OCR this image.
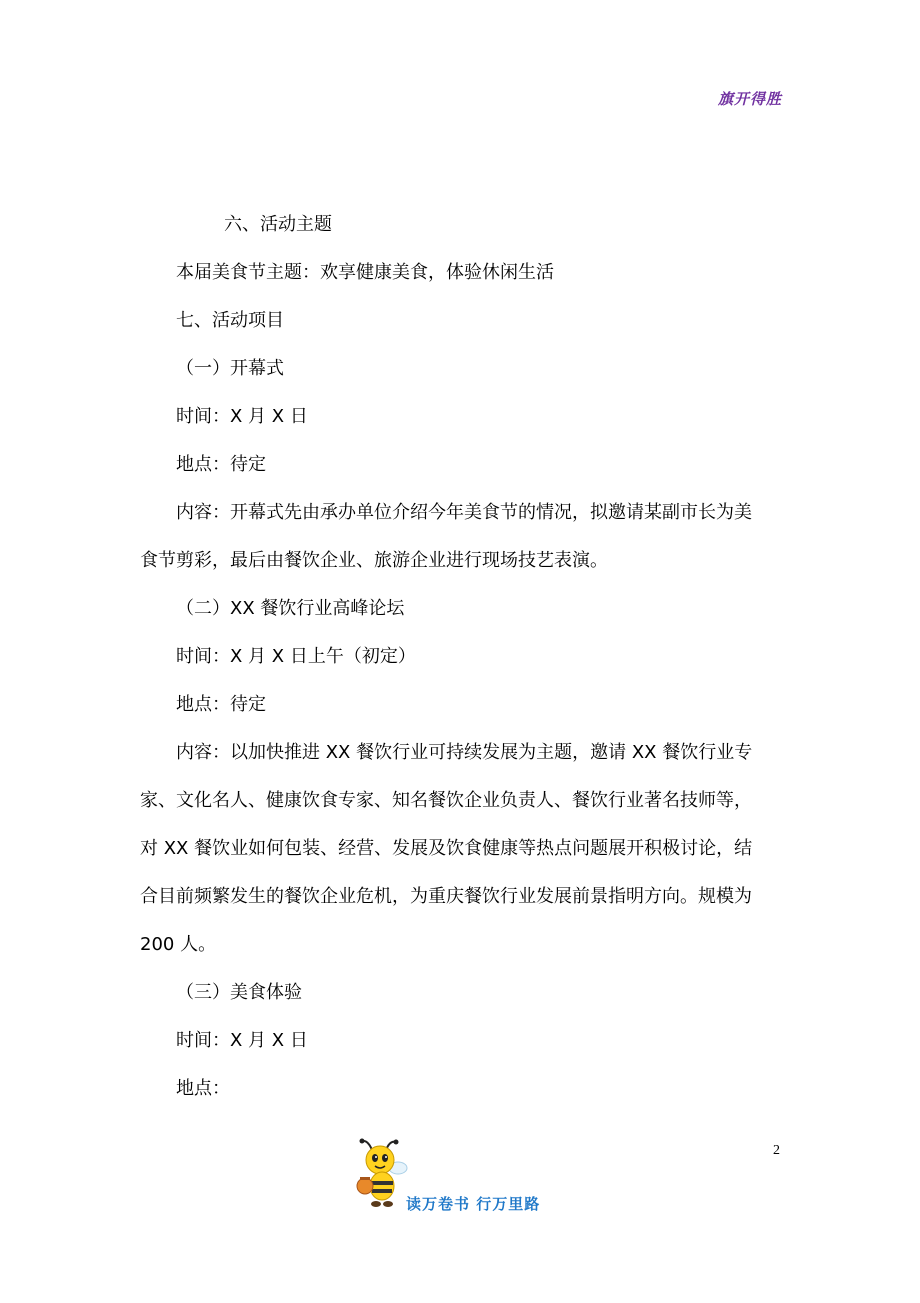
旗开得胜
六、活动主题
本届美食节主题：欢享健康美食，体验休闲生活
七、活动项目
（一）开幕式
时间：X 月 X 日
地点：待定
内容：开幕式先由承办单位介绍今年美食节的情况，拟邀请某副市长为美
食节剪彩，最后由餐饮企业、旅游企业进行现场技艺表演。
（二）XX 餐饮行业高峰论坛
时间：X 月 X 日上午（初定）
地点：待定
内容：以加快推进 XX 餐饮行业可持续发展为主题，邀请 XX 餐饮行业专
家、文化名人、健康饮食专家、知名餐饮企业负责人、餐饮行业著名技师等，
对 XX 餐饮业如何包装、经营、发展及饮食健康等热点问题展开积极讨论，结
合目前频繁发生的餐饮企业危机，为重庆餐饮行业发展前景指明方向。规模为
200 人。
（三）美食体验
时间：X 月 X 日
地点：
2
读万卷书 行万里路
